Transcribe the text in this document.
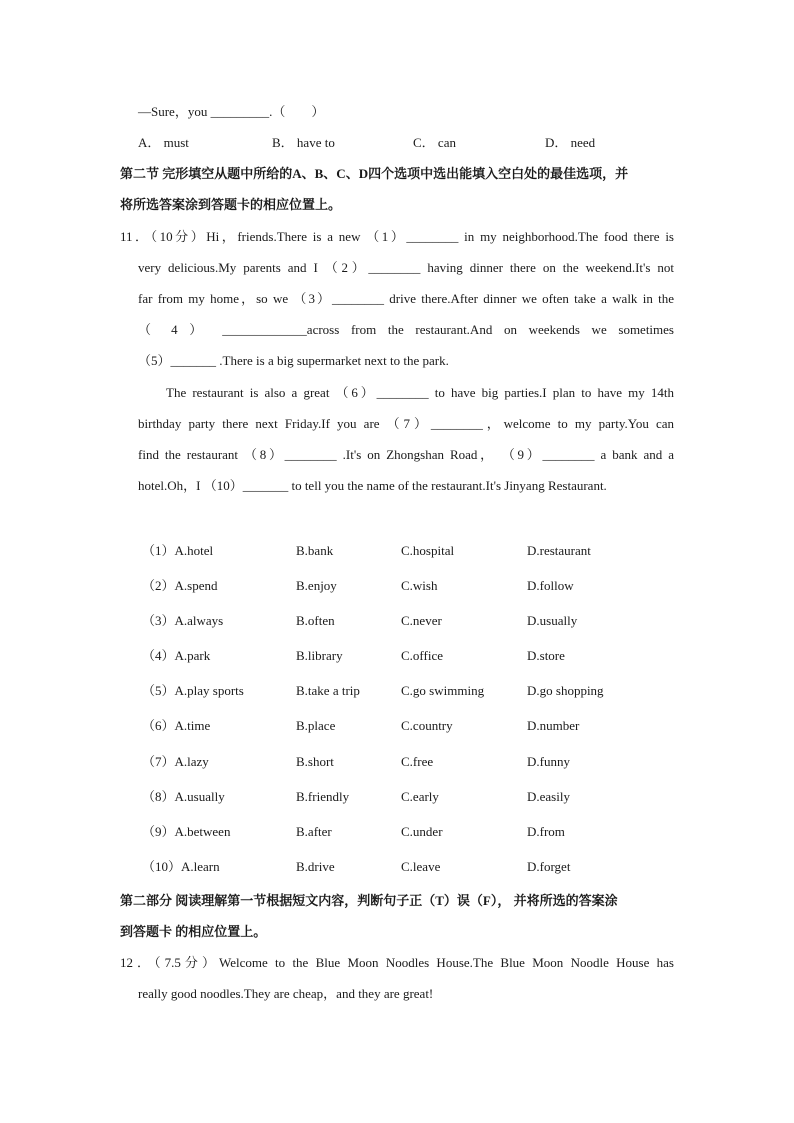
—Sure，you _________.（　　）
A． must	B． have to	C． can	D． need
第二节 完形填空从题中所给的A、B、C、D四个选项中选出能填入空白处的最佳选项，并
将所选答案涂到答题卡的相应位置上。
11．（10分）Hi，friends.There is a new （1）________ in my neighborhood.The food there is
very delicious.My parents and I （2）________ having dinner there on the weekend.It's not
far from my home，so we （3）________ drive there.After dinner we often take a walk in the
（ 4 ） _____________across from the restaurant.And on weekends we sometimes
（5）_______ .There is a big supermarket next to the park.
The restaurant is also a great （6）________ to have big parties.I plan to have my 14th
birthday party there next Friday.If you are （7）________，welcome to my party.You can
find the restaurant （8）________ .It's on Zhongshan Road， （9）________ a bank and a
hotel.Oh，I （10）_______ to tell you the name of the restaurant.It's Jinyang Restaurant.
（1）A.hotel	B.bank	C.hospital	D.restaurant
（2）A.spend	B.enjoy	C.wish	D.follow
（3）A.always	B.often	C.never	D.usually
（4）A.park	B.library	C.office	D.store
（5）A.play sports	B.take a trip	C.go swimming	D.go shopping
（6）A.time	B.place	C.country	D.number
（7）A.lazy	B.short	C.free	D.funny
（8）A.usually	B.friendly	C.early	D.easily
（9）A.between	B.after	C.under	D.from
（10）A.learn	B.drive	C.leave	D.forget
第二部分 阅读理解第一节根据短文内容，判断句子正（T）误（F）， 并将所选的答案涂
到答题卡 的相应位置上。
12．（7.5分）Welcome to the Blue Moon Noodles House.The Blue Moon Noodle House has
really good noodles.They are cheap，and they are great!
